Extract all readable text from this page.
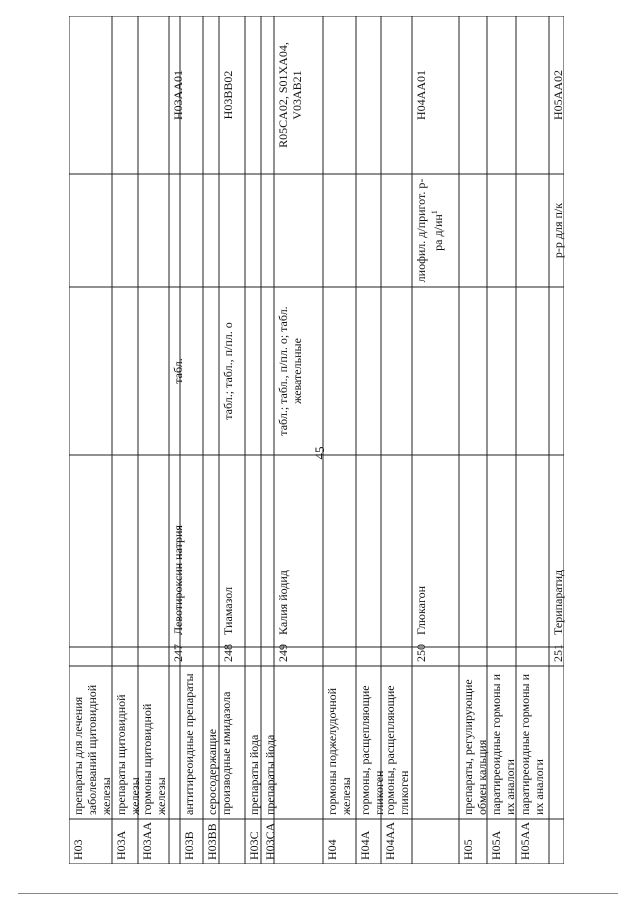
45
H03
препараты для лечения заболеваний щитовидной железы
H03A
препараты щитовидной железы
H03AA
гормоны щитовидной железы
247
Левотироксин натрия
табл.
H03AA01
H03B
антитиреоидные препараты
H03BB
серосодержащие производные имидазола
248
Тиамазол
табл.; табл., п/пл. о
H03BB02
H03C
препараты йода
H03CA
препараты йода
249
Калия йодид
табл.; табл., п/пл. о; табл. жевательные
R05CA02, S01XA04, V03AB21
H04
гормоны поджелудочной железы
H04A
гормоны, расщепляющие гликоген
H04AA
гормоны, расщепляющие гликоген
250
Глюкагон
лиофил. д/пригот. р-ра $д/ин^1$
H04AA01
H05
препараты, регулирующие обмен кальция
H05A
паратиреоидные гормоны и их аналоги
H05AA
паратиреоидные гормоны и их аналоги
251
Терипаратид
р-р для п/к
H05AA02
